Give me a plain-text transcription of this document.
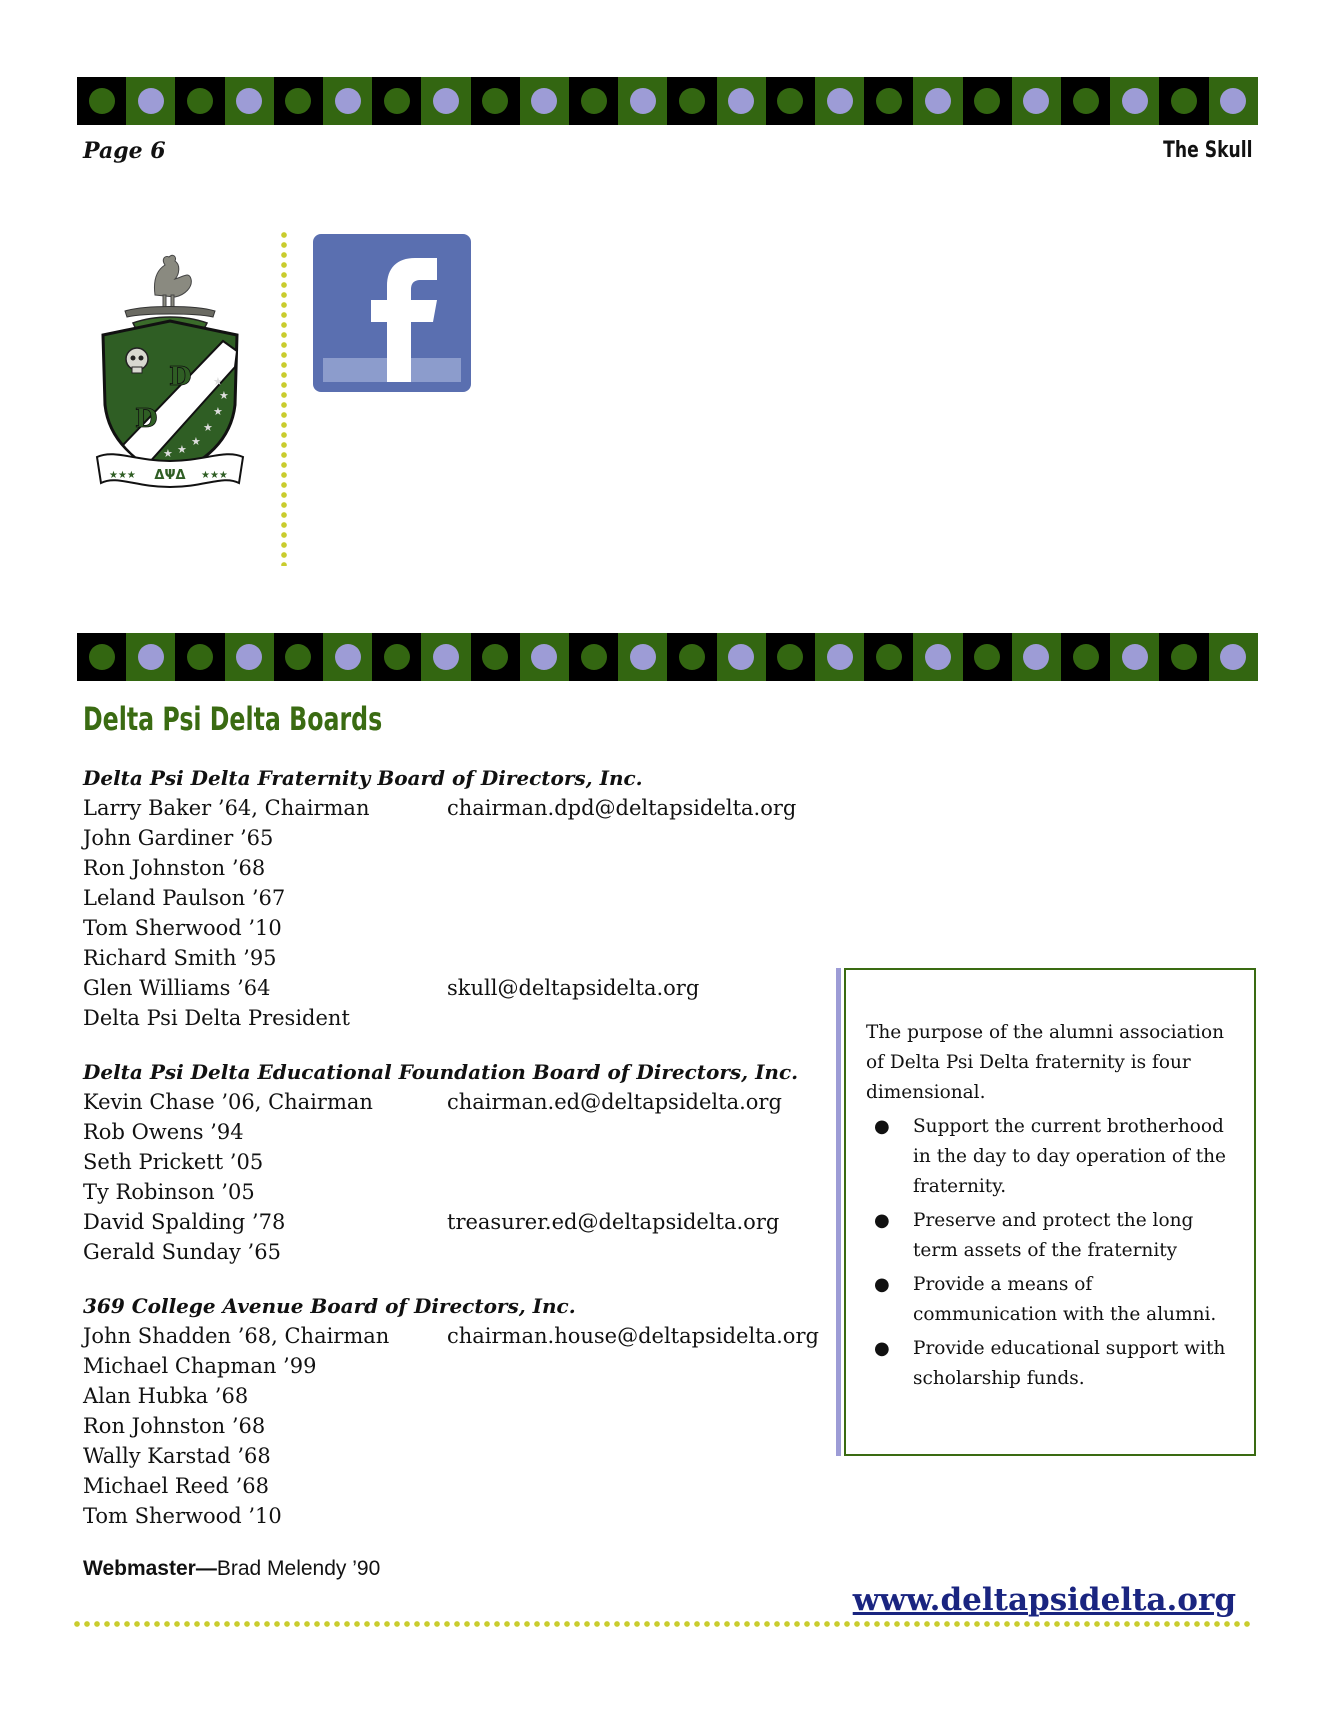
Page 6	The Skull
D
D
★
★
★
★
★
★
★
ΔΨΔ
★★★	★★★
Delta Psi Delta Boards
Delta Psi Delta Fraternity Board of Directors, Inc.
Larry Baker ’64, Chairman	chairman.dpd@deltapsidelta.org
John Gardiner ’65
Ron Johnston ’68
Leland Paulson ’67
Tom Sherwood ’10
Richard Smith ’95
Glen Williams ’64	skull@deltapsidelta.org
Delta Psi Delta President
Delta Psi Delta Educational Foundation Board of Directors, Inc.
Kevin Chase ’06, Chairman	chairman.ed@deltapsidelta.org
Rob Owens ’94
Seth Prickett ’05
Ty Robinson ’05
David Spalding ’78	treasurer.ed@deltapsidelta.org
Gerald Sunday ’65
369 College Avenue Board of Directors, Inc.
John Shadden ’68, Chairman	chairman.house@deltapsidelta.org
Michael Chapman ’99
Alan Hubka ’68
Ron Johnston ’68
Wally Karstad ’68
Michael Reed ’68
Tom Sherwood ’10
Webmaster—Brad Melendy ’90
www.deltapsidelta.org

The purpose of the alumni association of Delta Psi Delta fraternity is four dimensional.

● Support the current brotherhood in the day to day operation of the fraternity.
● Preserve and protect the long term assets of the fraternity
● Provide a means of communication with the alumni.
● Provide educational support with scholarship funds.
